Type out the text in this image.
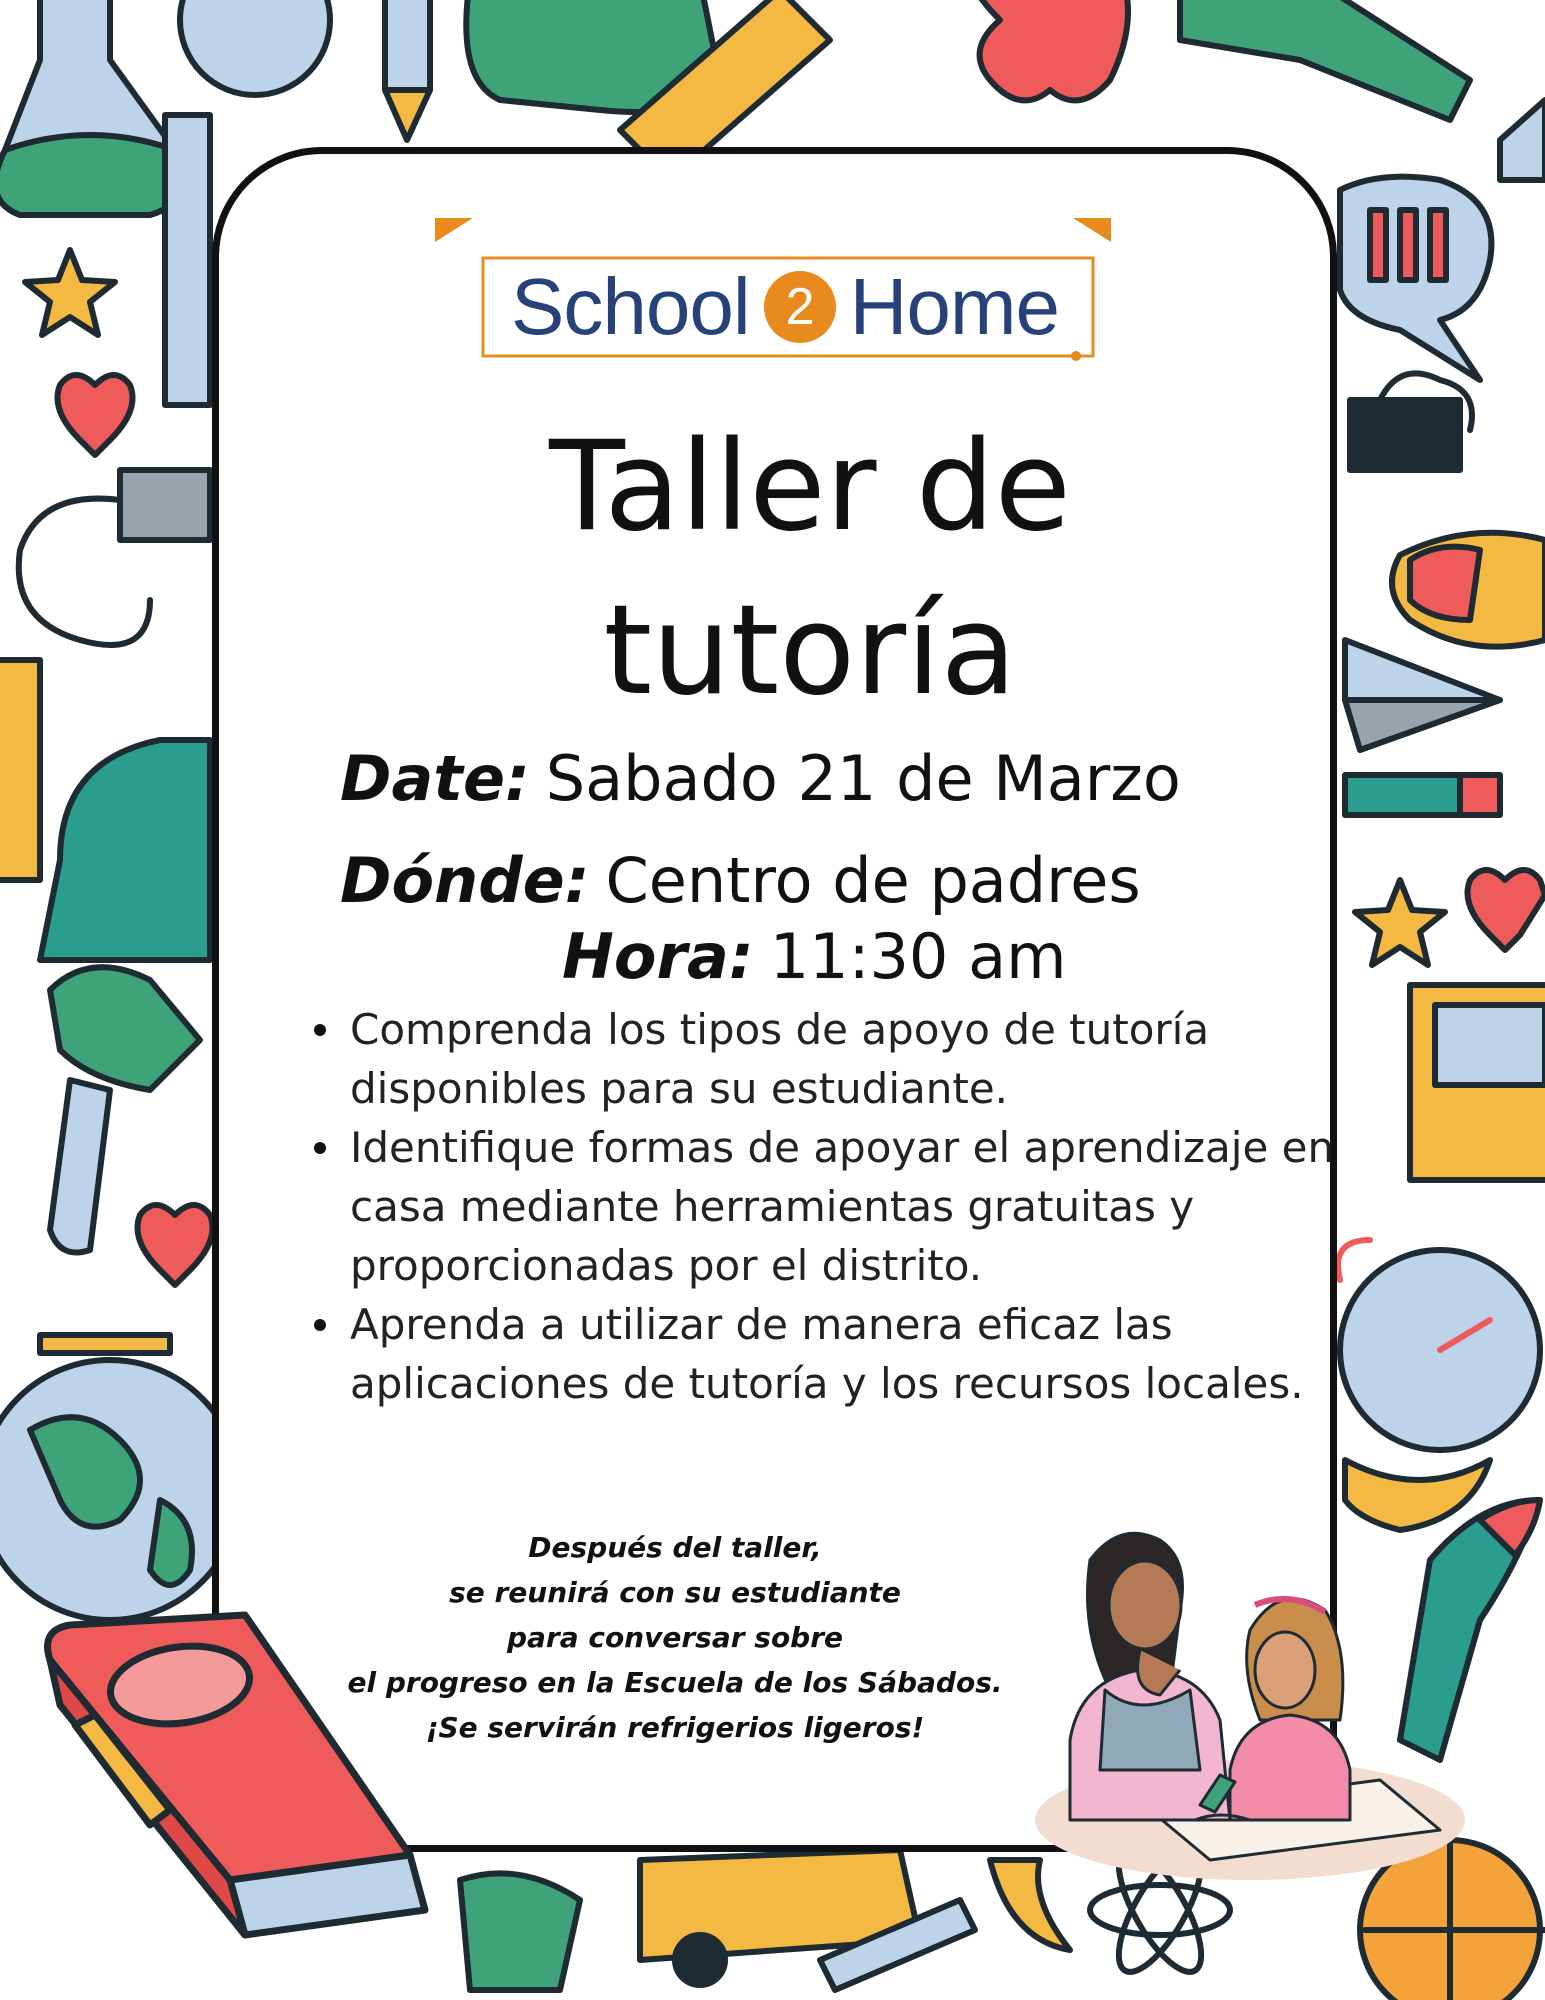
School 2 Home
Taller de
tutoría
Date: Sabado 21 de Marzo
Dónde: Centro de padres
Hora: 11:30 am
Comprenda los tipos de apoyo de tutoría disponibles para su estudiante.
Identifique formas de apoyar el aprendizaje en casa mediante herramientas gratuitas y proporcionadas por el distrito.
Aprenda a utilizar de manera eficaz las aplicaciones de tutoría y los recursos locales.
Después del taller,
se reunirá con su estudiante
para conversar sobre
el progreso en la Escuela de los Sábados.
¡Se servirán refrigerios ligeros!
